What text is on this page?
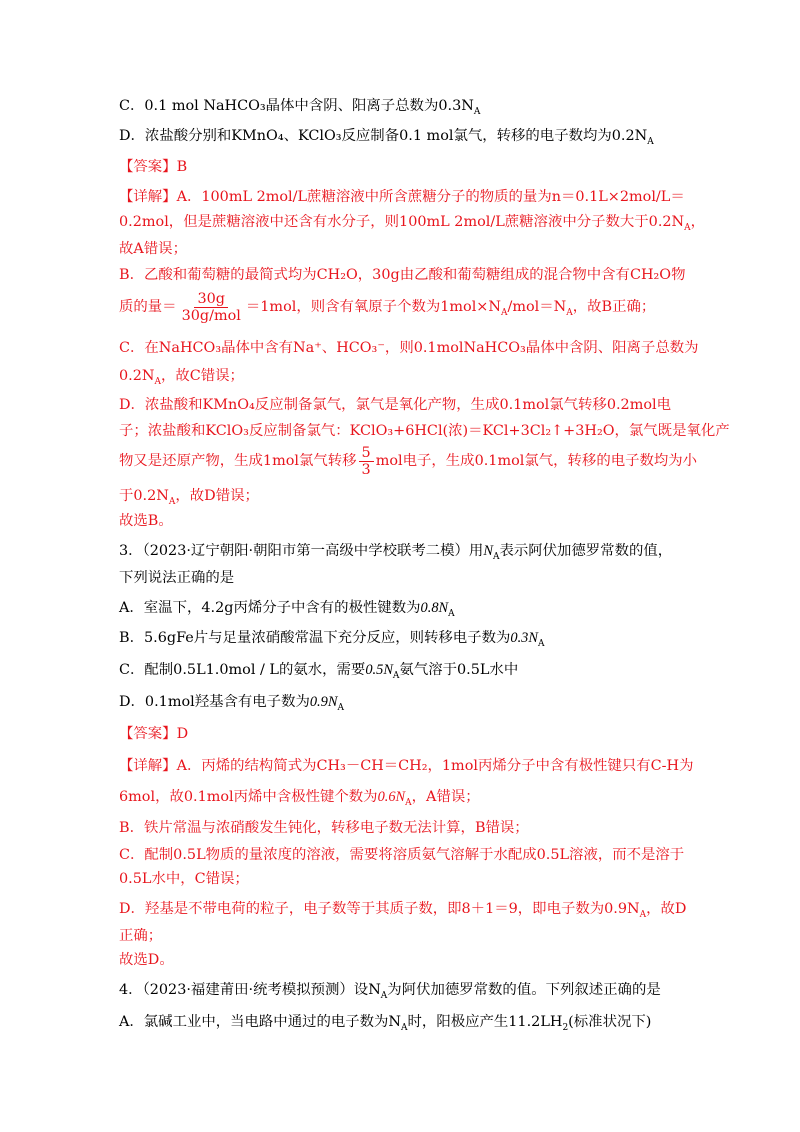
C．0.1 mol NaHCO₃晶体中含阴、阳离子总数为$0.3N_A$
D．浓盐酸分别和KMnO₄、KClO₃反应制备0.1 mol氯气，转移的电子数均为$0.2N_A$
【答案】B
【详解】A．100mL 2mol/L蔗糖溶液中所含蔗糖分子的物质的量为n＝0.1L×2mol/L＝
0.2mol，但是蔗糖溶液中还含有水分子，则100mL 2mol/L蔗糖溶液中分子数大于$0.2N_A$，
故A错误；
B．乙酸和葡萄糖的最简式均为CH₂O，30g由乙酸和葡萄糖组成的混合物中含有CH₂O物
质的量＝ $\frac{30g}{\text{30g/mol}} =1mol$，则含有氧原子个数为$1mol\times N_A/mol=N_A$，故B正确；
C．在NaHCO₃晶体中含有Na⁺、HCO₃⁻，则0.1molNaHCO₃晶体中含阴、阳离子总数为
$0.2N_A$，故C错误；
D．浓盐酸和KMnO₄反应制备氯气，氯气是氧化产物，生成0.1mol氯气转移0.2mol电
子；浓盐酸和KClO₃反应制备氯气：KClO₃+6HCl(浓)＝KCl+3Cl₂↑+3H₂O，氯气既是氧化产
物又是还原产物，生成1mol氯气转移 $\frac{5}{3}$ mol电子，生成0.1mol氯气，转移的电子数均为小
于$0.2N_A$，故D错误；
故选B。
3．（2023·辽宁朝阳·朝阳市第一高级中学校联考二模）用$N_A$表示阿伏加德罗常数的值，
下列说法正确的是
A．室温下，4.2g丙烯分子中含有的极性键数为$0.8N_A$
B．5.6gFe片与足量浓硝酸常温下充分反应，则转移电子数为$0.3N_A$
C．配制0.5L1.0mol / L的氨水，需要$0.5N_A$氨气溶于0.5L水中
D．0.1mol羟基含有电子数为$0.9N_A$
【答案】D
【详解】A．丙烯的结构简式为CH₃－CH＝CH₂，1mol丙烯分子中含有极性键只有C-H为
6mol，故0.1mol丙烯中含极性键个数为$0.6N_A$，A错误；
B．铁片常温与浓硝酸发生钝化，转移电子数无法计算，B错误；
C．配制0.5L物质的量浓度的溶液，需要将溶质氨气溶解于水配成0.5L溶液，而不是溶于
0.5L水中，C错误；
D．羟基是不带电荷的粒子，电子数等于其质子数，即8＋1＝9，即电子数为$0.9N_A$，故D
正确；
故选D。
4．（2023·福建莆田·统考模拟预测）设$N_A$为阿伏加德罗常数的值。下列叙述正确的是
A．氯碱工业中，当电路中通过的电子数为$N_A$时，阳极应产生$11.2LH_2$(标准状况下)
